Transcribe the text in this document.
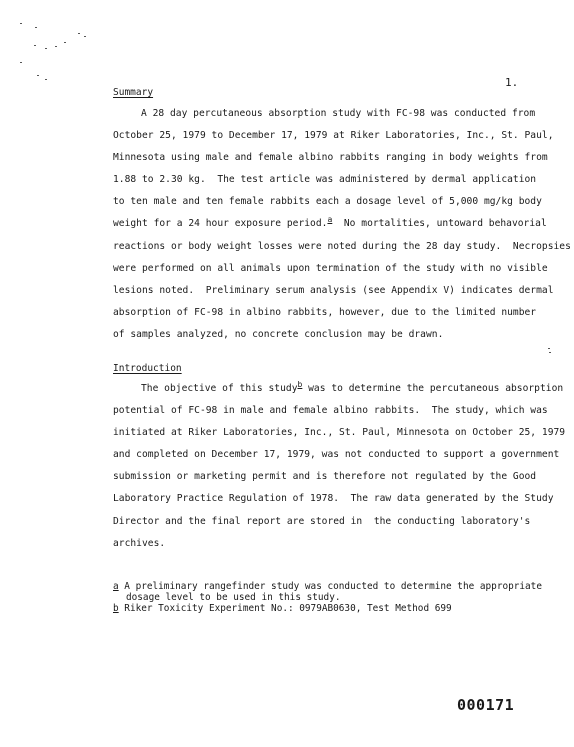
1.
Summary
A 28 day percutaneous absorption study with FC-98 was conducted from
October 25, 1979 to December 17, 1979 at Riker Laboratories, Inc., St. Paul,
Minnesota using male and female albino rabbits ranging in body weights from
1.88 to 2.30 kg.  The test article was administered by dermal application
to ten male and ten female rabbits each a dosage level of 5,000 mg/kg body
weight for a 24 hour exposure period.$^a$  No mortalities, untoward behavorial
reactions or body weight losses were noted during the 28 day study.  Necropsies
were performed on all animals upon termination of the study with no visible
lesions noted.  Preliminary serum analysis (see Appendix V) indicates dermal
absorption of FC-98 in albino rabbits, however, due to the limited number
of samples analyzed, no concrete conclusion may be drawn.
Introduction
The objective of this study$^b$ was to determine the percutaneous absorption
potential of FC-98 in male and female albino rabbits.  The study, which was
initiated at Riker Laboratories, Inc., St. Paul, Minnesota on October 25, 1979
and completed on December 17, 1979, was not conducted to support a government
submission or marketing permit and is therefore not regulated by the Good
Laboratory Practice Regulation of 1978.  The raw data generated by the Study
Director and the final report are stored in  the conducting laboratory's
archives.
a A preliminary rangefinder study was conducted to determine the appropriate
dosage level to be used in this study.
b Riker Toxicity Experiment No.: 0979AB0630, Test Method 699
000171
